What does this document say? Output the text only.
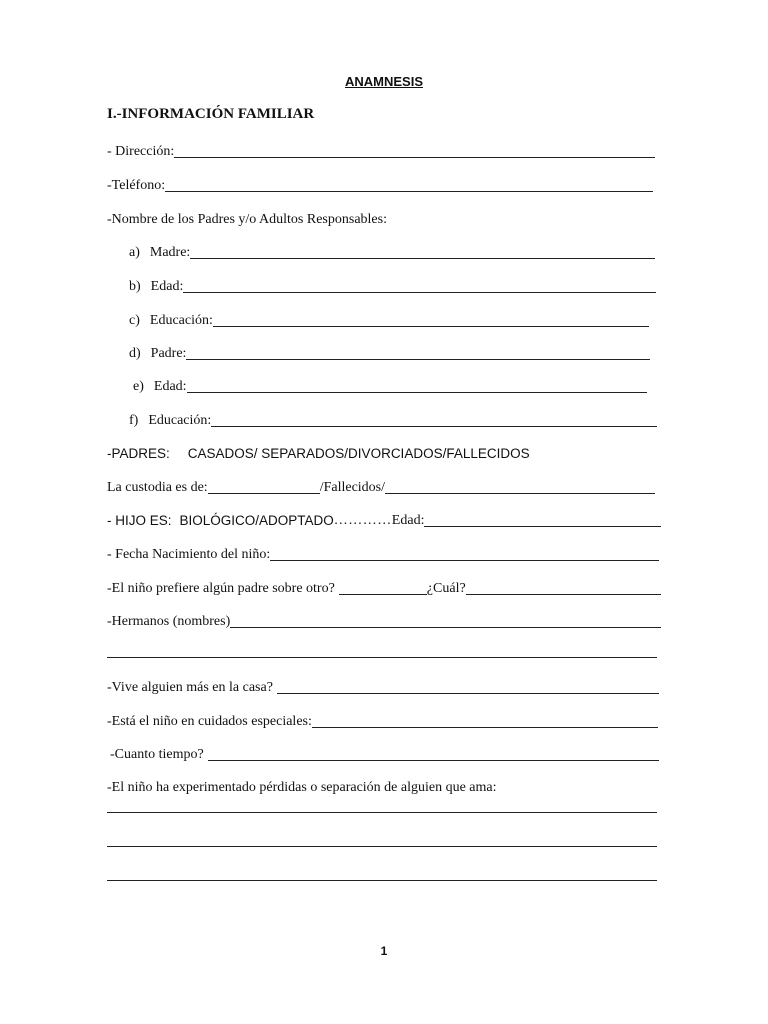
ANAMNESIS
I.-INFORMACIÓN FAMILIAR
- Dirección:
-Teléfono:
-Nombre de los Padres y/o Adultos Responsables:
a) Madre:
b) Edad:
c) Educación:
d) Padre:
e) Edad:
f) Educación:
-PADRES: CASADOS/ SEPARADOS/DIVORCIADOS/FALLECIDOS
La custodia es de:	/Fallecidos/
- HIJO ES: BIOLÓGICO/ADOPTADO ………… Edad:
- Fecha Nacimiento del niño:
-El niño prefiere algún padre sobre otro?	¿Cuál?
-Hermanos (nombres)
-Vive alguien más en la casa?
-Está el niño en cuidados especiales:
-Cuanto tiempo?
-El niño ha experimentado pérdidas o separación de alguien que ama:
1
